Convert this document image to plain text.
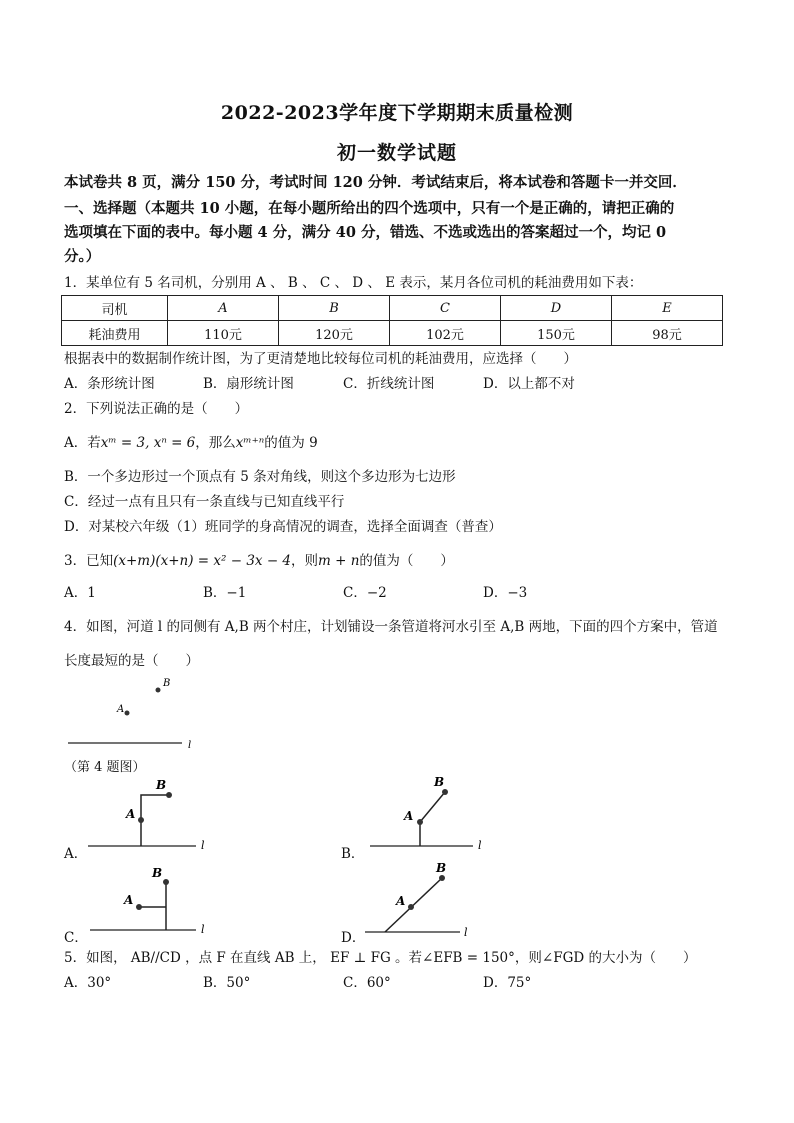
2022-2023学年度下学期期末质量检测
初一数学试题
本试卷共 8 页，满分 150 分，考试时间 120 分钟．考试结束后，将本试卷和答题卡一并交回．
一、选择题（本题共 10 小题，在每小题所给出的四个选项中，只有一个是正确的，请把正确的
选项填在下面的表中。每小题 4 分，满分 40 分，错选、不选或选出的答案超过一个，均记 0
分。）
1．某单位有 5 名司机，分别用 A 、 B 、 C 、 D 、 E 表示，某月各位司机的耗油费用如下表：
司机	A	B	C	D	E
耗油费用	110元	120元	102元	150元	98元
根据表中的数据制作统计图，为了更清楚地比较每位司机的耗油费用，应选择（　　）
A．条形统计图	B．扇形统计图	C．折线统计图	D．以上都不对
2．下列说法正确的是（　　）
A．若xᵐ = 3, xⁿ = 6，那么xᵐ⁺ⁿ的值为 9
B．一个多边形过一个顶点有 5 条对角线，则这个多边形为七边形
C．经过一点有且只有一条直线与已知直线平行
D．对某校六年级（1）班同学的身高情况的调查，选择全面调查（普查）
3．已知(x+m)(x+n) = x² − 3x − 4，则m + n的值为（　　）
A．1	B．−1	C．−2	D．−3
4．如图，河道 l 的同侧有 A,B 两个村庄，计划铺设一条管道将河水引至 A,B 两地，下面的四个方案中，管道
长度最短的是（　　）
B
A
l
（第 4 题图）
A．
l
B
A
B．
l
B
A
C．
l
B
A
D．	l
B
A
5．如图， AB//CD ，点 F 在直线 AB 上， EF ⊥ FG 。若∠EFB = 150°，则∠FGD 的大小为（　　）
A．30°	B．50°	C．60°	D．75°
